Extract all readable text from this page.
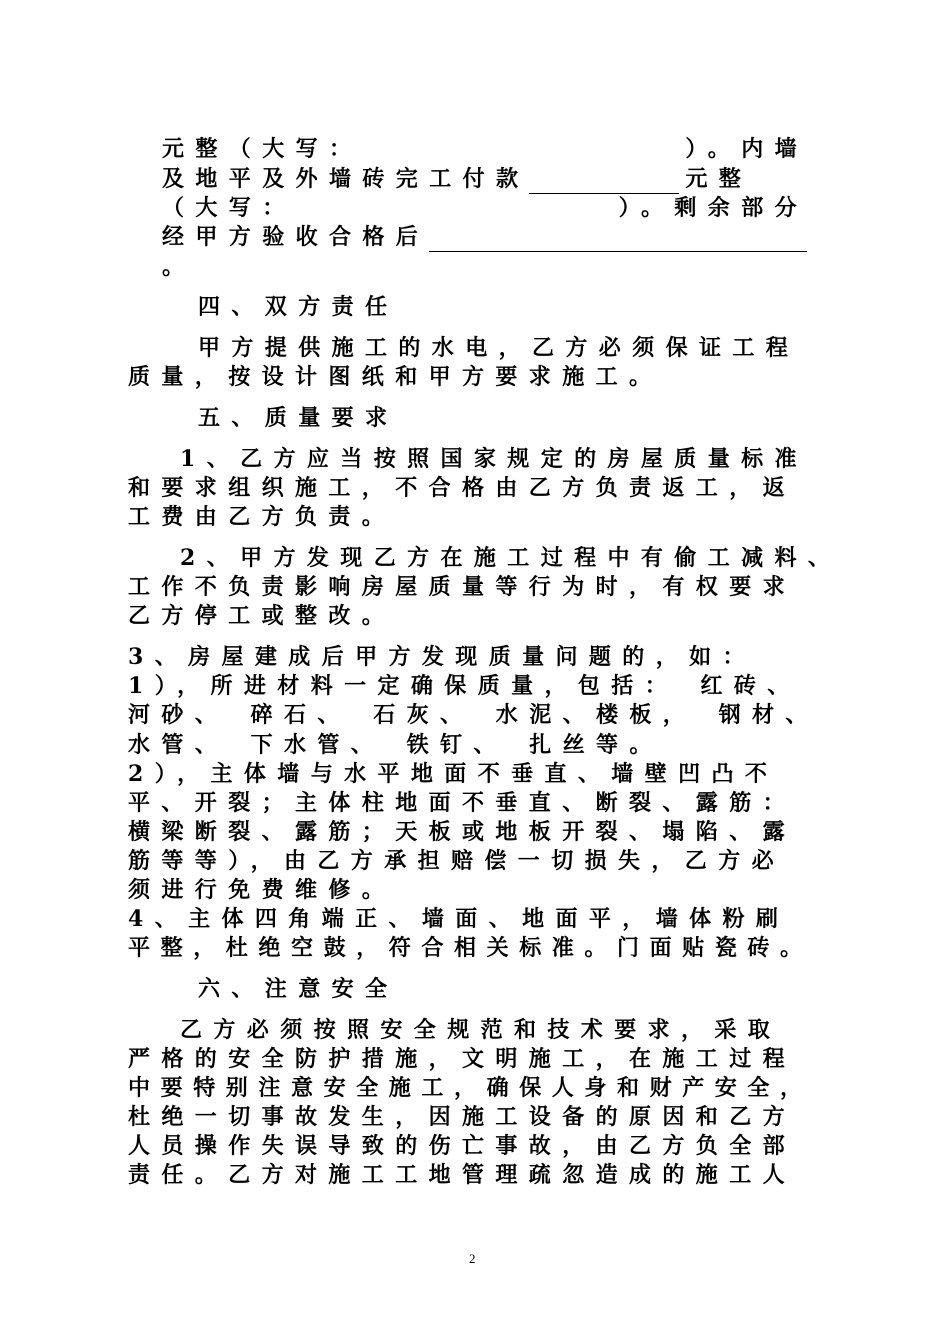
元整（大写：　　　　　　　　　　）。内墙
及地平及外墙砖完工付款	元整
（大写：　　　　　　　　　　）。剩余部分
经甲方验收合格后
。
四、双方责任
甲方提供施工的水电，乙方必须保证工程
质量，按设计图纸和甲方要求施工。
五、质量要求
1、乙方应当按照国家规定的房屋质量标准
和要求组织施工，不合格由乙方负责返工，返
工费由乙方负责。
2、甲方发现乙方在施工过程中有偷工减料、
工作不负责影响房屋质量等行为时，有权要求
乙方停工或整改。
3、房屋建成后甲方发现质量问题的，如：
1），所进材料一定确保质量，包括：　红砖、
河砂、　碎石、　石灰、　水泥、楼板，　钢材、
水管、　下水管、　铁钉、　扎丝等。
2），主体墙与水平地面不垂直、墙壁凹凸不
平、开裂；主体柱地面不垂直、断裂、露筋：
横梁断裂、露筋；天板或地板开裂、塌陷、露
筋等等），由乙方承担赔偿一切损失，乙方必
须进行免费维修。
4、主体四角端正、墙面、地面平，墙体粉刷
平整，杜绝空鼓，符合相关标准。门面贴瓷砖。
六、注意安全
乙方必须按照安全规范和技术要求，采取
严格的安全防护措施，文明施工，在施工过程
中要特别注意安全施工，确保人身和财产安全，
杜绝一切事故发生，因施工设备的原因和乙方
人员操作失误导致的伤亡事故，由乙方负全部
责任。乙方对施工工地管理疏忽造成的施工人
2
